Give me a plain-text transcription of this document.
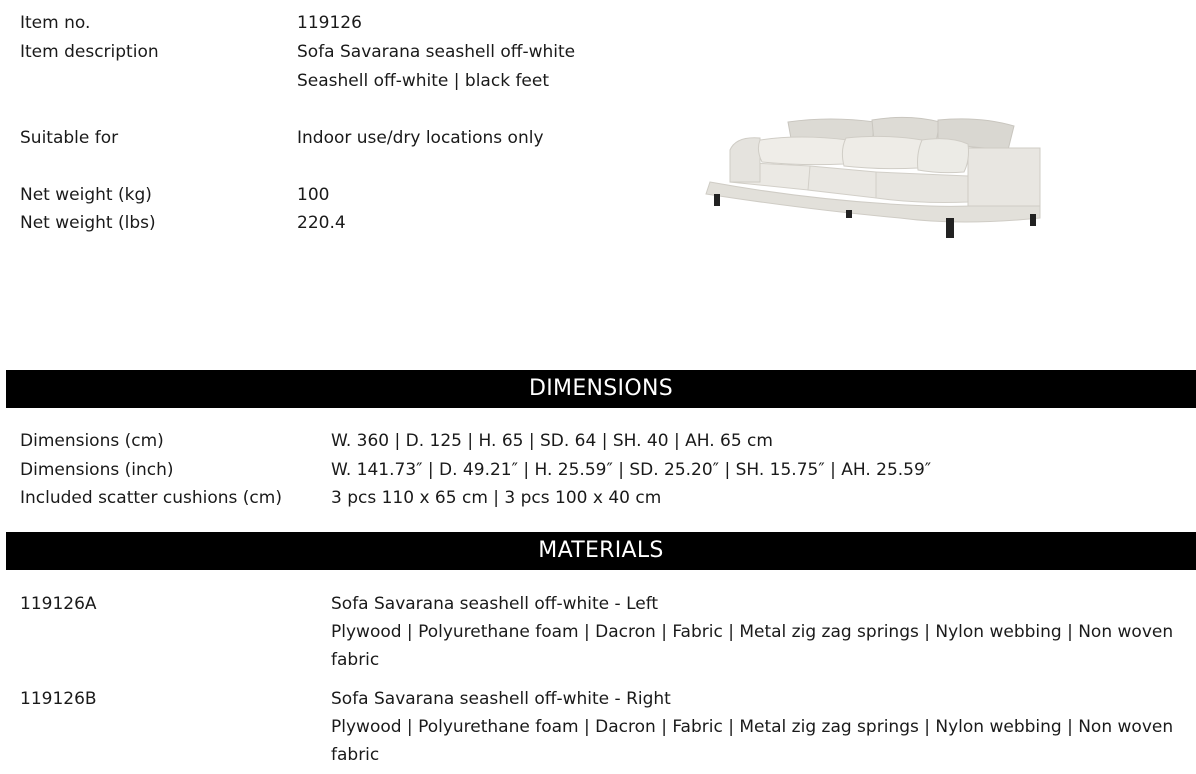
Item no.	119126
Item description	Sofa Savarana seashell off-white
Seashell off-white | black feet
Suitable for	Indoor use/dry locations only
Net weight (kg)	100
Net weight (lbs)	220.4
DIMENSIONS
Dimensions (cm)	W. 360 | D. 125 | H. 65 | SD. 64 | SH. 40 | AH. 65 cm
Dimensions (inch)	W. 141.73″ | D. 49.21″ | H. 25.59″ | SD. 25.20″ | SH. 15.75″ | AH. 25.59″
Included scatter cushions (cm)	3 pcs 110 x 65 cm | 3 pcs 100 x 40 cm
MATERIALS
119126A	Sofa Savarana seashell off-white - Left
Plywood | Polyurethane foam | Dacron | Fabric | Metal zig zag springs | Nylon webbing | Non woven fabric
119126B	Sofa Savarana seashell off-white - Right
Plywood | Polyurethane foam | Dacron | Fabric | Metal zig zag springs | Nylon webbing | Non woven fabric
